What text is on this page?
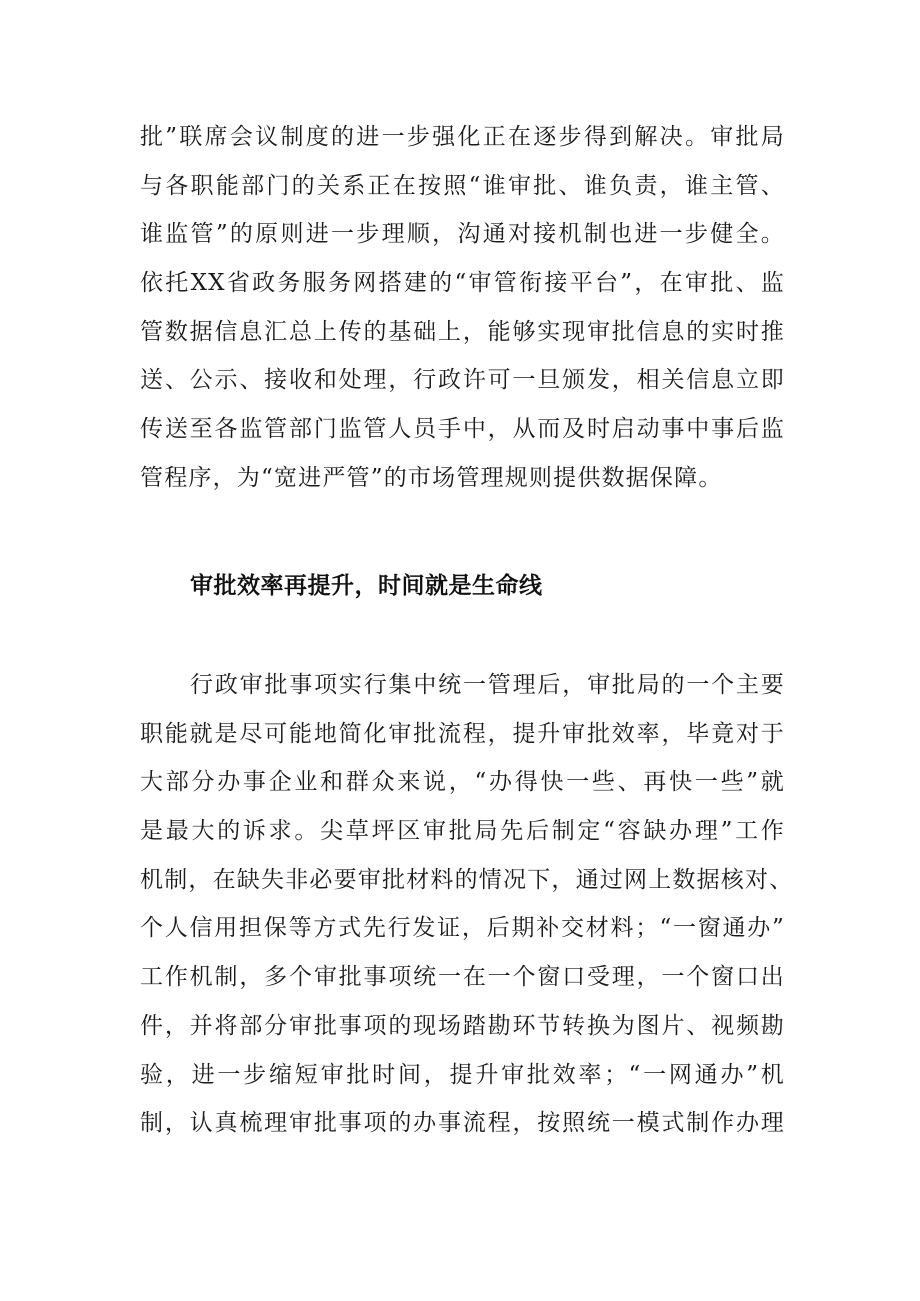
批”联席会议制度的进一步强化正在逐步得到解决。审批局
与各职能部门的关系正在按照“谁审批、谁负责，谁主管、
谁监管”的原则进一步理顺，沟通对接机制也进一步健全。
依托XX省政务服务网搭建的“审管衔接平台”，在审批、监
管数据信息汇总上传的基础上，能够实现审批信息的实时推
送、公示、接收和处理，行政许可一旦颁发，相关信息立即
传送至各监管部门监管人员手中，从而及时启动事中事后监
管程序，为“宽进严管”的市场管理规则提供数据保障。
审批效率再提升，时间就是生命线
行政审批事项实行集中统一管理后，审批局的一个主要
职能就是尽可能地简化审批流程，提升审批效率，毕竟对于
大部分办事企业和群众来说，“办得快一些、再快一些”就
是最大的诉求。尖草坪区审批局先后制定“容缺办理”工作
机制，在缺失非必要审批材料的情况下，通过网上数据核对、
个人信用担保等方式先行发证，后期补交材料；“一窗通办”
工作机制，多个审批事项统一在一个窗口受理，一个窗口出
件，并将部分审批事项的现场踏勘环节转换为图片、视频勘
验，进一步缩短审批时间，提升审批效率；“一网通办”机
制，认真梳理审批事项的办事流程，按照统一模式制作办理
